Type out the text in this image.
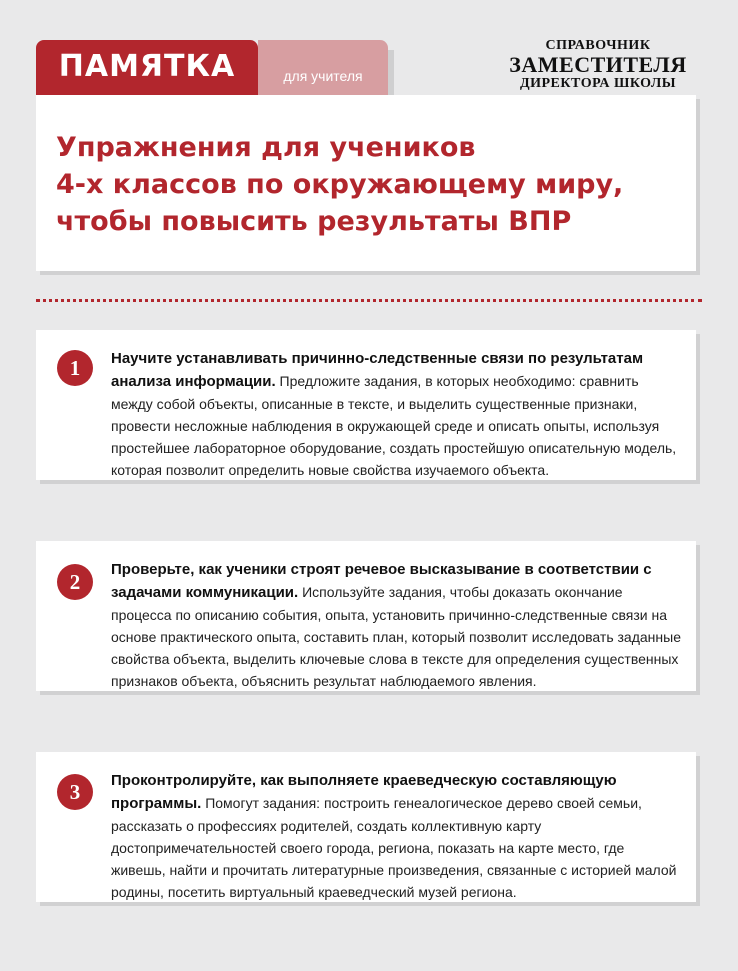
ПАМЯТКА	для учителя
СПРАВОЧНИК
ЗАМЕСТИТЕЛЯ
ДИРЕКТОРА ШКОЛЫ
Упражнения для учеников
4-х классов по окружающему миру,
чтобы повысить результаты ВПР
1	Научите устанавливать причинно-следственные связи по результатам анализа информации. Предложите задания, в которых необходимо: сравнить между собой объекты, описанные в тексте, и выделить существенные признаки, провести несложные наблюдения в окружающей среде и описать опыты, используя простейшее лабораторное оборудование, создать простейшую описательную модель, которая позволит определить новые свойства изучаемого объекта.
2	Проверьте, как ученики строят речевое высказывание в соответствии с задачами коммуникации. Используйте задания, чтобы доказать окончание процесса по описанию события, опыта, установить причинно-следственные связи на основе практического опыта, составить план, который позволит исследовать заданные свойства объекта, выделить ключевые слова в тексте для определения существенных признаков объекта, объяснить результат наблюдаемого явления.
3	Проконтролируйте, как выполняете краеведческую составляющую программы. Помогут задания: построить генеалогическое дерево своей семьи, рассказать о профессиях родителей, создать коллективную карту достопримечательностей своего города, региона, показать на карте место, где живешь, найти и прочитать литературные произведения, связанные с историей малой родины, посетить виртуальный краеведческий музей региона.
